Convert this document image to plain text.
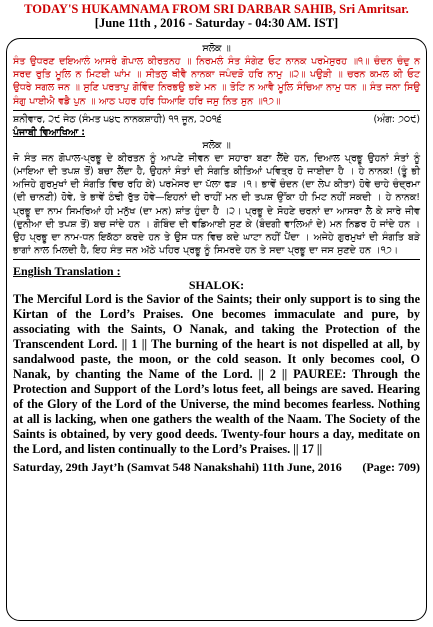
TODAY'S HUKAMNAMA FROM SRI DARBAR SAHIB, Sri Amritsar.
[June 11th , 2016 - Saturday - 04:30 AM. IST]
ਸਲੋਕ ॥

ਸੰਤ ਉਧਰਣ ਦਇਆਲੰ ਆਸਰੰ ਗੋਪਾਲ ਕੀਰਤਨਹ ॥ ਨਿਰਮਲੰ ਸੰਤ ਸੰਗੇਣ ਓਟ ਨਾਨਕ ਪਰਮੇਸੁਰਹ ॥੧॥ ਚੰਦਨ ਚੰਦੁ ਨ ਸਰਦ ਰੁਤਿ ਮੂਲਿ ਨ ਮਿਟਈ ਘਾਂਮ ॥ ਸੀਤਲੁ ਥੀਵੈ ਨਾਨਕਾ ਜਪੰਦੜੋ ਹਰਿ ਨਾਮੁ ॥੨॥ ਪਉੜੀ ॥ ਚਰਨ ਕਮਲ ਕੀ ਓਟ ਉਧਰੇ ਸਗਲ ਜਨ ॥ ਸੁਣਿ ਪਰਤਾਪੁ ਗੋਵਿੰਦ ਨਿਰਭਉ ਭਏ ਮਨ ॥ ਤੋਟਿ ਨ ਆਵੈ ਮੂਲਿ ਸੰਚਿਆ ਨਾਮੁ ਧਨ ॥ ਸੰਤ ਜਨਾ ਸਿਉ ਸੰਗੁ ਪਾਈਐ ਵਡੈ ਪੁਨ ॥ ਆਠ ਪਹਰ ਹਰਿ ਧਿਆਇ ਹਰਿ ਜਸੁ ਨਿਤ ਸੁਨ ॥੧੭॥

ਸ਼ਨੀਵਾਰ, ੨੯ ਜੇਠ (ਸੰਮਤ ੫੪੮ ਨਾਨਕਸ਼ਾਹੀ) ੧੧ ਜੂਨ, ੨੦੧੬	(ਅੰਗ: ੭੦੯)
ਪੰਜਾਬੀ ਵਿਆਖਿਆ :
ਸਲੋਕ ॥

ਜੋ ਸੰਤ ਜਨ ਗੋਪਾਲ-ਪ੍ਰਭੂ ਦੇ ਕੀਰਤਨ ਨੂੰ ਆਪਣੇ ਜੀਵਨ ਦਾ ਸਹਾਰਾ ਬਣਾ ਲੈਂਦੇ ਹਨ, ਦਿਆਲ ਪ੍ਰਭੂ ਉਹਨਾਂ ਸੰਤਾਂ ਨੂੰ (ਮਾਇਆ ਦੀ ਤਪਸ਼ ਤੋਂ) ਬਚਾ ਲੈਂਦਾ ਹੈ, ਉਹਨਾਂ ਸੰਤਾਂ ਦੀ ਸੰਗਤਿ ਕੀਤਿਆਂ ਪਵਿਤ੍ਰ ਹੋ ਜਾਈਦਾ ਹੈ । ਹੇ ਨਾਨਕ! (ਤੂੰ ਭੀ ਅਜਿਹੇ ਗੁਰਮੁਖਾਂ ਦੀ ਸੰਗਤਿ ਵਿਚ ਰਹਿ ਕੇ) ਪਰਮੇਸਰ ਦਾ ਪੱਲਾ ਫੜ ।੧। ਭਾਵੇਂ ਚੰਦਨ (ਦਾ ਲੇਪ ਕੀਤਾ) ਹੋਵੇ ਚਾਹੇ ਚੰਦ੍ਰਮਾ (ਦੀ ਚਾਨਣੀ) ਹੋਵੇ, ਤੇ ਭਾਵੇਂ ਠੰਢੀ ਰੁੱਤ ਹੋਵੇ—ਇਹਨਾਂ ਦੀ ਰਾਹੀਂ ਮਨ ਦੀ ਤਪਸ਼ ਉੱਕਾ ਹੀ ਮਿਟ ਨਹੀਂ ਸਕਦੀ । ਹੇ ਨਾਨਕ! ਪ੍ਰਭੂ ਦਾ ਨਾਮ ਸਿਮਰਿਆਂ ਹੀ ਮਨੁੱਖ (ਦਾ ਮਨ) ਸ਼ਾਂਤ ਹੁੰਦਾ ਹੈ ।੨। ਪ੍ਰਭੂ ਦੇ ਸੋਹਣੇ ਚਰਨਾਂ ਦਾ ਆਸਰਾ ਲੈ ਕੇ ਸਾਰੇ ਜੀਵ (ਦੁਨੀਆ ਦੀ ਤਪਸ਼ ਤੋਂ) ਬਚ ਜਾਂਦੇ ਹਨ । ਗੋਬਿੰਦ ਦੀ ਵਡਿਆਈ ਸੁਣ ਕੇ (ਬੰਦਗੀ ਵਾਲਿਆਂ ਦੇ) ਮਨ ਨਿਡਰ ਹੋ ਜਾਂਦੇ ਹਨ । ਉਹ ਪ੍ਰਭੂ ਦਾ ਨਾਮ-ਧਨ ਇਕੱਠਾ ਕਰਦੇ ਹਨ ਤੇ ਉਸ ਧਨ ਵਿਚ ਕਦੇ ਘਾਟਾ ਨਹੀਂ ਪੈਂਦਾ । ਅਜੇਹੇ ਗੁਰਮੁਖਾਂ ਦੀ ਸੰਗਤਿ ਬੜੇ ਭਾਗਾਂ ਨਾਲ ਮਿਲਦੀ ਹੈ, ਇਹ ਸੰਤ ਜਨ ਅੱਠੇ ਪਹਿਰ ਪ੍ਰਭੂ ਨੂੰ ਸਿਮਰਦੇ ਹਨ ਤੇ ਸਦਾ ਪ੍ਰਭੂ ਦਾ ਜਸ ਸੁਣਦੇ ਹਨ ।੧੭।

English Translation :
SHALOK:

The Merciful Lord is the Savior of the Saints; their only support is to sing the Kirtan of the Lord’s Praises. One becomes immaculate and pure, by associating with the Saints, O Nanak, and taking the Protection of the Transcendent Lord. || 1 || The burning of the heart is not dispelled at all, by sandalwood paste, the moon, or the cold season. It only becomes cool, O Nanak, by chanting the Name of the Lord. || 2 || PAUREE: Through the Protection and Support of the Lord’s lotus feet, all beings are saved. Hearing of the Glory of the Lord of the Universe, the mind becomes fearless. Nothing at all is lacking, when one gathers the wealth of the Naam. The Society of the Saints is obtained, by very good deeds. Twenty-four hours a day, meditate on the Lord, and listen continually to the Lord’s Praises. || 17 ||

Saturday, 29th Jayt’h (Samvat 548 Nanakshahi) 11th June, 2016 (Page: 709)
